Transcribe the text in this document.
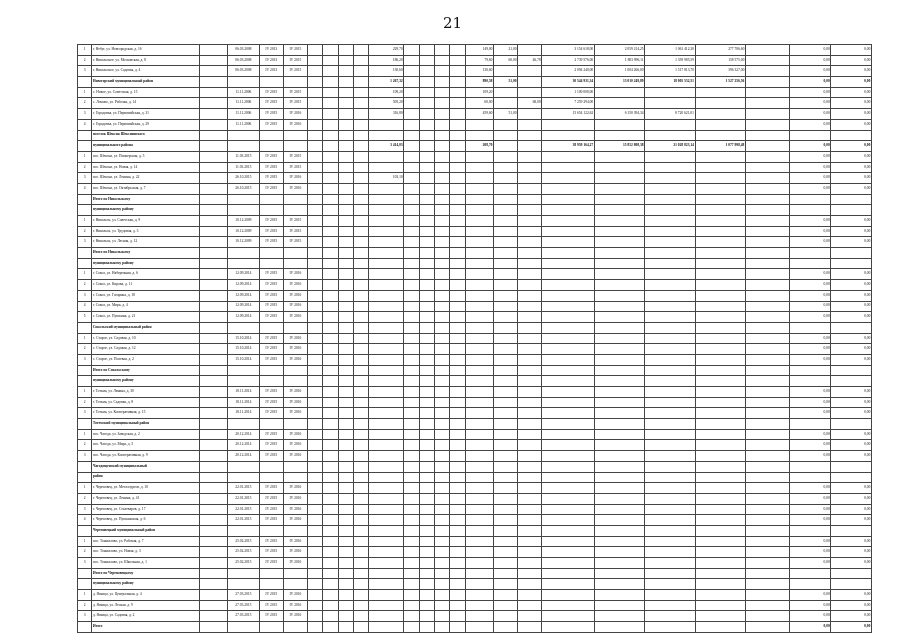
21
1	г. Небуг, ул. Новгородская, д. 16		06.03.2008	IV 2013	IV 2015					229,70					149,00	21,00		3 154 618,00	2 059 214,25	1 061 412,30	277 706,60		0,00	0,00
2	г. Никольское, ул. Московская, д. 8		06.03.2008	IV 2013	IV 2015					186,20					79,60	60,00	46,78	2 739 576,00	1 803 996,11	1 359 985,59	158 575,00		0,00	0,00
3	г. Никольское, ул. Садовая, д. 4		06.03.2008	IV 2013	IV 2015					130,60					130,60			2 094 240,00	1 004 266,00	1 517 813,70	396 327,00		0,00	0,00
	Новогорский муниципальный район									1 267,32					890,58	51,00		30 544 931,34	13 010 249,89	18 005 532,51	1 527 256,56		0,00	0,00
1	с. Новое, ул. Советская, д. 15		11.11.2006	IV 2015	IV 2015					109,20					109,20			1 100 000,00					0,00	0,00
2	с. Ломово, ул. Рабочая, д. 14		11.11.2006	IV 2015	IV 2015					505,20					60,00		68,00	7 259 294,00					0,00	0,00
3	г. Горадовка, ул. Первомайская, д. 31		11.11.2006	IV 2015	IV 2016					316,80					459,60	51,00		15 654 122,62	6 150 394,34	8 720 621,01			0,00	0,00
4	г. Горадовка, ул. Первомайская, д. 29		11.11.2006	IV 2015	IV 2016																		0,00	0,00
	поселок Шексна Шекснинского																							
	муниципального района									3 414,03					208,70			38 959 164,27	15 852 808,38	21 028 823,14	1 077 998,48		0,00	0,00
1	пос. Шексна, ул. Пионерская, д. 5		11.03.2015	IV 2015	IV 2015																		0,00	0,00
2	пос. Шексна, ул. Новая, д. 14		11.03.2015	IV 2015	IV 2015																		0,00	0,00
3	пос. Шексна, ул. Ленина, д. 22		26.10.2015	IV 2015	IV 2016					103,10													0,00	0,00
4	пос. Шексна, ул. Октябрьская, д. 7		26.10.2015	IV 2015	IV 2016																		0,00	0,00
	Итого по Никольскому																							
	муниципальному району																							
1	г. Никольск, ул. Советская, д. 9		10.12.2009	IV 2015	IV 2015																		0,00	0,00
2	г. Никольск, ул. Трудовая, д. 3		10.12.2009	IV 2015	IV 2015																		0,00	0,00
3	г. Никольск, ул. Лесная, д. 12		10.12.2009	IV 2015	IV 2015																		0,00	0,00
	Итого по Никольскому																							
	муниципальному району																							
1	г. Сокол, ул. Набережная, д. 6		12.09.2014	IV 2015	IV 2016																		0,00	0,00
2	г. Сокол, ул. Кирова, д. 11		12.09.2014	IV 2015	IV 2016																		0,00	0,00
3	г. Сокол, ул. Гагарина, д. 18		12.09.2014	IV 2015	IV 2016																		0,00	0,00
4	г. Сокол, ул. Мира, д. 4		12.09.2014	IV 2015	IV 2016																		0,00	0,00
5	г. Сокол, ул. Пушкина, д. 21		12.09.2014	IV 2015	IV 2016																		0,00	0,00
	Сокольский муниципальный район																							
1	с. Старое, ул. Садовая, д. 10		15.10.2014	IV 2015	IV 2016																		0,00	0,00
2	с. Старое, ул. Садовая, д. 12		15.10.2014	IV 2015	IV 2016																		0,00	0,00
3	с. Старое, ул. Полевая, д. 2		15.10.2014	IV 2015	IV 2016																		0,00	0,00
	Итого по Сокольскому																							
	муниципальному району																							
1	г. Тотьма, ул. Ленина, д. 30		18.11.2014	IV 2015	IV 2016																		0,00	0,00
2	г. Тотьма, ул. Садовая, д. 8		18.11.2014	IV 2015	IV 2016																		0,00	0,00
3	г. Тотьма, ул. Кооперативная, д. 15		18.11.2014	IV 2015	IV 2016																		0,00	0,00
	Тотемский муниципальный район																							
1	пос. Чагода, ул. Заводская, д. 2		20.12.2014	IV 2015	IV 2016																		0,00	0,00
2	пос. Чагода, ул. Мира, д. 5		20.12.2014	IV 2015	IV 2016																		0,00	0,00
3	пос. Чагода, ул. Кооперативная, д. 9		20.12.2014	IV 2015	IV 2016																		0,00	0,00
	Чагодощенский муниципальный																							
	район																							
1	г. Череповец, ул. Металлургов, д. 10		22.01.2015	IV 2015	IV 2016																		0,00	0,00
2	г. Череповец, ул. Ленина, д. 41		22.01.2015	IV 2015	IV 2016																		0,00	0,00
3	г. Череповец, ул. Сталеваров, д. 17		22.01.2015	IV 2015	IV 2016																		0,00	0,00
4	г. Череповец, ул. Пушкинская, д. 6		22.01.2015	IV 2015	IV 2016																		0,00	0,00
	Череповецкий муниципальный район																							
1	пос. Тоншалово, ул. Рабочая, д. 7		25.02.2015	IV 2015	IV 2016																		0,00	0,00
2	пос. Тоншалово, ул. Новая, д. 3		25.02.2015	IV 2015	IV 2016																		0,00	0,00
3	пос. Тоншалово, ул. Школьная, д. 1		25.02.2015	IV 2015	IV 2016																		0,00	0,00
	Итого по Череповецкому																							
	муниципальному району																							
1	д. Ягница, ул. Центральная, д. 4		27.03.2015	IV 2015	IV 2016																		0,00	0,00
2	д. Ягница, ул. Лесная, д. 9		27.03.2015	IV 2015	IV 2016																		0,00	0,00
3	д. Ягница, ул. Садовая, д. 2		27.03.2015	IV 2015	IV 2016																		0,00	0,00
	Итого																						0,00	0,00
